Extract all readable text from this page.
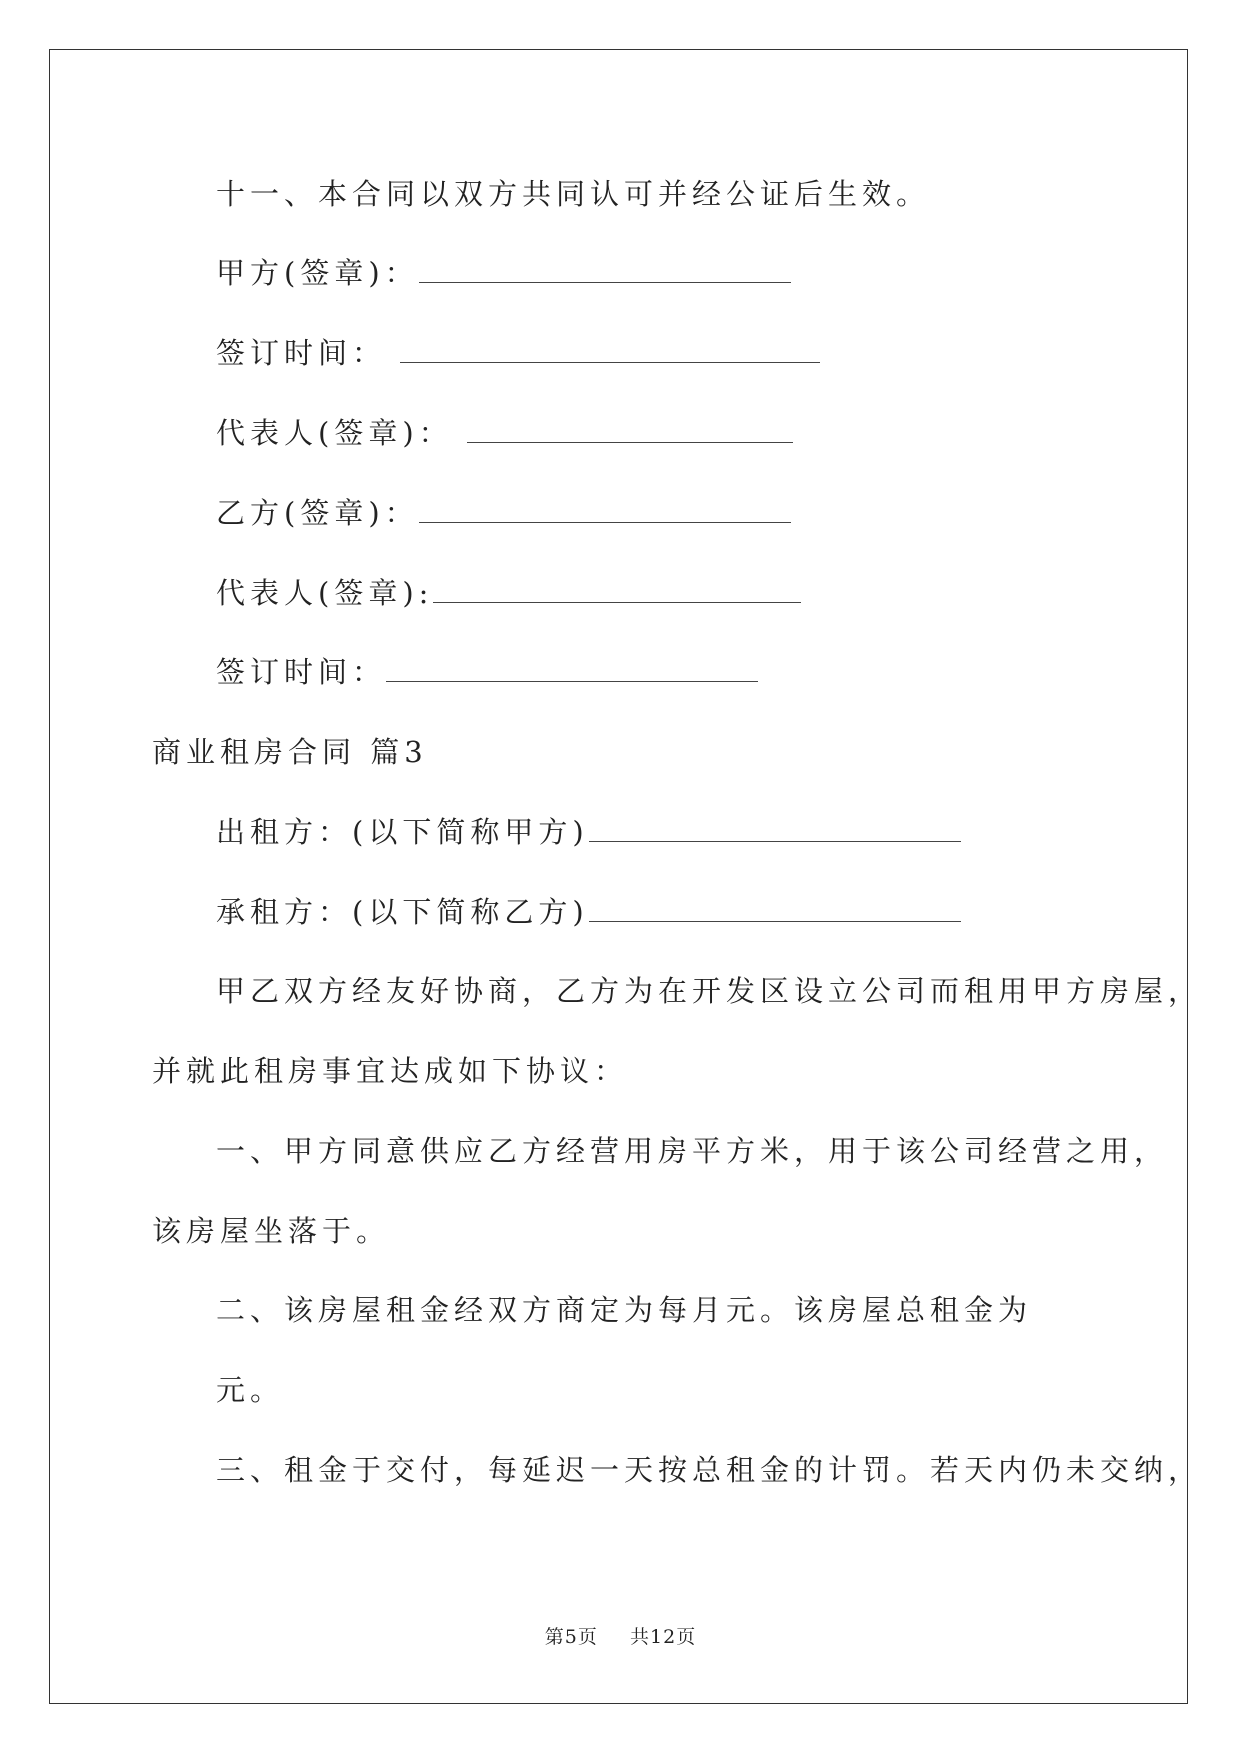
十一、本合同以双方共同认可并经公证后生效。
甲方(签章)：
签订时间：
代表人(签章)：
乙方(签章)：
代表人(签章):
签订时间：
商业租房合同 篇3
出租方：(以下简称甲方)
承租方：(以下简称乙方)
甲乙双方经友好协商，乙方为在开发区设立公司而租用甲方房屋，
并就此租房事宜达成如下协议：
一、甲方同意供应乙方经营用房平方米，用于该公司经营之用，
该房屋坐落于。
二、该房屋租金经双方商定为每月元。该房屋总租金为
元。
三、租金于交付，每延迟一天按总租金的计罚。若天内仍未交纳，
第5页 共12页
